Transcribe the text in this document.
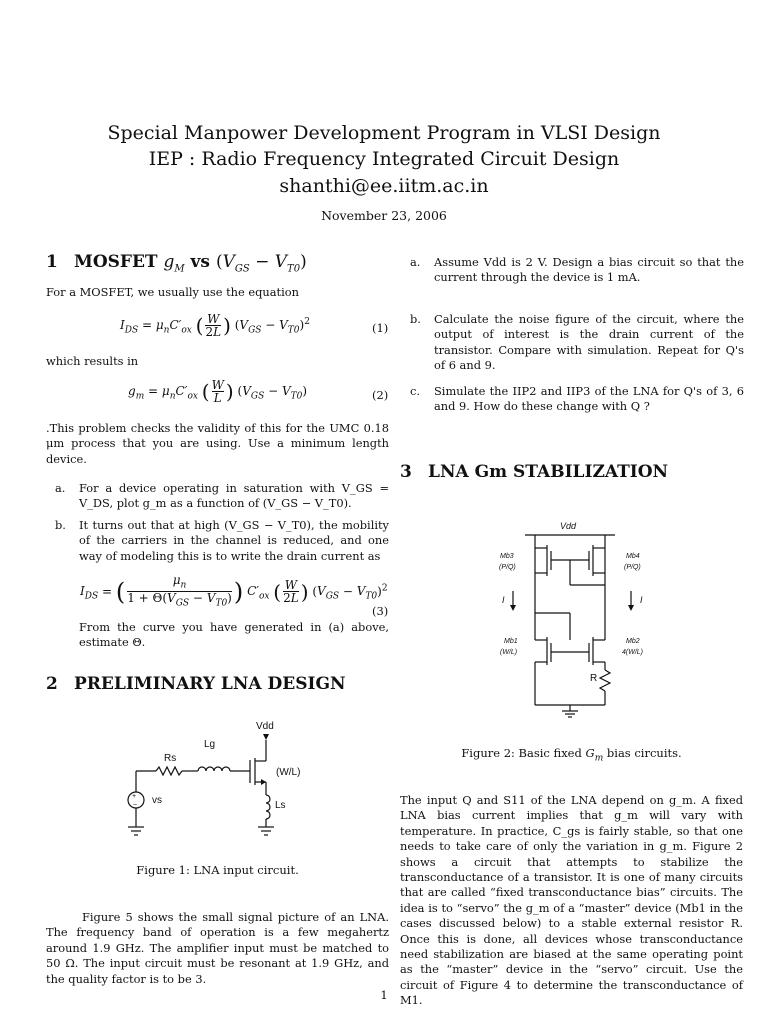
Special Manpower Development Program in VLSI Design
IEP : Radio Frequency Integrated Circuit Design
shanthi@ee.iitm.ac.in
November 23, 2006
1 MOSFET $g_M$ vs $(V_{GS} - V_{T0})$

For a MOSFET, we usually use the equation

$I_{DS} = \mu_nC'_{ox}$ ( $\frac{W}{2L}$ ) $(V_{GS} - V_{T0})^2$	(1)

which results in

$g_m = \mu_nC'_{ox}$ ( $\frac{W}{L}$ ) $(V_{GS} - V_{T0})$	(2)

.This problem checks the validity of this for the UMC 0.18 μm process that you are using. Use a minimum length device.

a. For a device operating in saturation with V_GS = V_DS, plot g_m as a function of (V_GS − V_T0).
b. It turns out that at high (V_GS − V_T0), the mobility of the carriers in the channel is reduced, and one way of modeling this is to write the drain current as
$I_{DS}$ = ( $\frac{\mu_n}{1 + \Theta(V_{GS} - V_{T0})}$ ) $C'_{ox}$ ( $\frac{W}{2L}$ ) $(V_{GS} - V_{T0})^2$
(3)

From the curve you have generated in (a) above, estimate Θ.

2 PRELIMINARY LNA DESIGN
+
−
Vdd
Lg
Rs
(W/L)
vs	Ls
Figure 1: LNA input circuit.

Figure 5 shows the small signal picture of an LNA. The frequency band of operation is a few megahertz around 1.9 GHz. The amplifier input must be matched to 50 Ω. The input circuit must be resonant at 1.9 GHz, and the quality factor is to be 3.

a. Assume Vdd is 2 V. Design a bias circuit so that the current through the device is 1 mA.
b. Calculate the noise figure of the circuit, where the output of interest is the drain current of the transistor. Compare with simulation. Repeat for Q's of 6 and 9.
c. Simulate the IIP2 and IIP3 of the LNA for Q's of 3, 6 and 9. How do these change with Q ?
3 LNA Gm STABILIZATION
Vdd
Mb3
(P/Q)
Mb4
(P/Q)
I	I
Mb1
(W/L)
Mb2
4(W/L)
R
Figure 2: Basic fixed $G_m$ bias circuits.

The input Q and S11 of the LNA depend on g_m. A fixed LNA bias current implies that g_m will vary with temperature. In practice, C_gs is fairly stable, so that one needs to take care of only the variation in g_m. Figure 2 shows a circuit that attempts to stabilize the transconductance of a transistor. It is one of many circuits that are called “fixed transconductance bias” circuits. The idea is to “servo” the g_m of a “master” device (Mb1 in the cases discussed below) to a stable external resistor R. Once this is done, all devices whose transconductance need stabilization are biased at the same operating point as the “master” device in the “servo” circuit. Use the circuit of Figure 4 to determine the transconductance of M1.

1
